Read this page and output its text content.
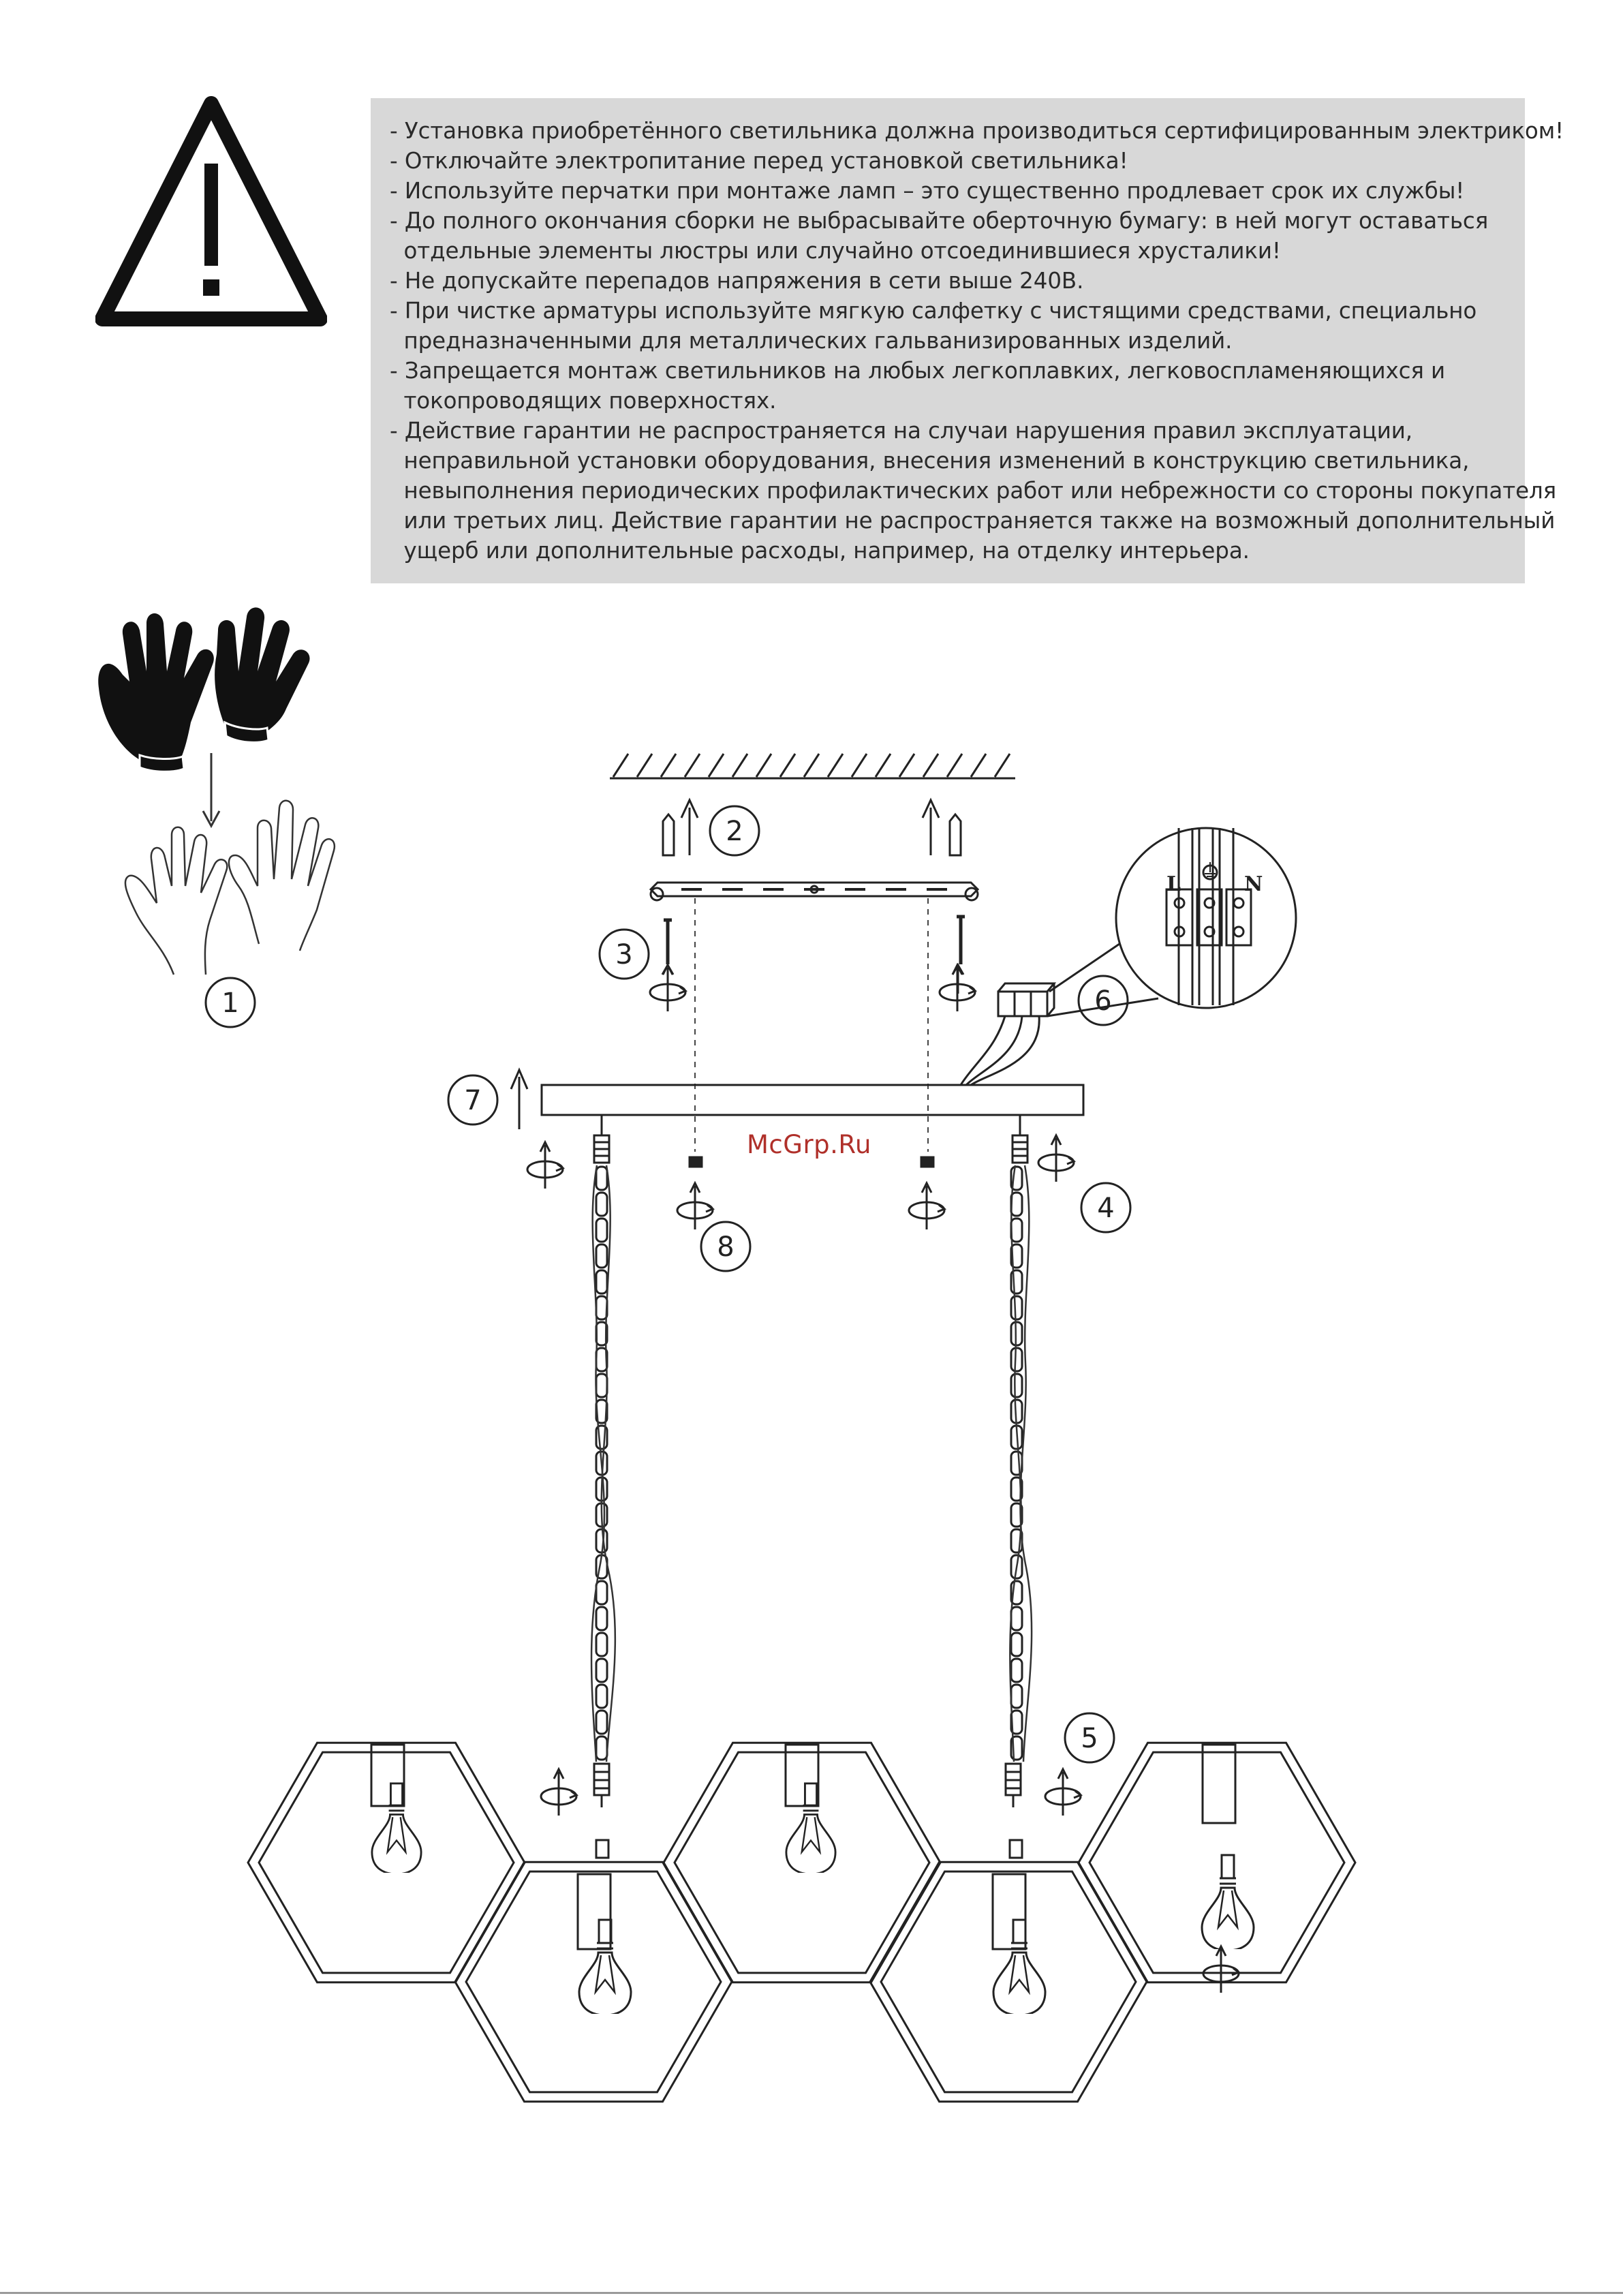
- Установка приобретённого светильника должна производиться сертифицированным электриком!
- Отключайте электропитание перед установкой светильника!
- Используйте перчатки при монтаже ламп – это существенно продлевает срок их службы!
- До полного окончания сборки не выбрасывайте оберточную бумагу: в ней могут оставаться
отдельные элементы люстры или случайно отсоединившиеся хрусталики!
- Не допускайте перепадов напряжения в сети выше 240В.
- При чистке арматуры используйте мягкую салфетку с чистящими средствами, специально
предназначенными для металлических гальванизированных изделий.
- Запрещается монтаж светильников на любых легкоплавких, легковоспламеняющихся и
токопроводящих поверхностях.
- Действие гарантии не распространяется на случаи нарушения правил эксплуатации,
неправильной установки оборудования, внесения изменений в конструкцию светильника,
невыполнения периодических профилактических работ или небрежности со стороны покупателя
или третьих лиц. Действие гарантии не распространяется также на возможный дополнительный
ущерб или дополнительные расходы, например, на отделку интерьера.
1
2
3
4
5
6
7
8
L	N
McGrp.Ru
